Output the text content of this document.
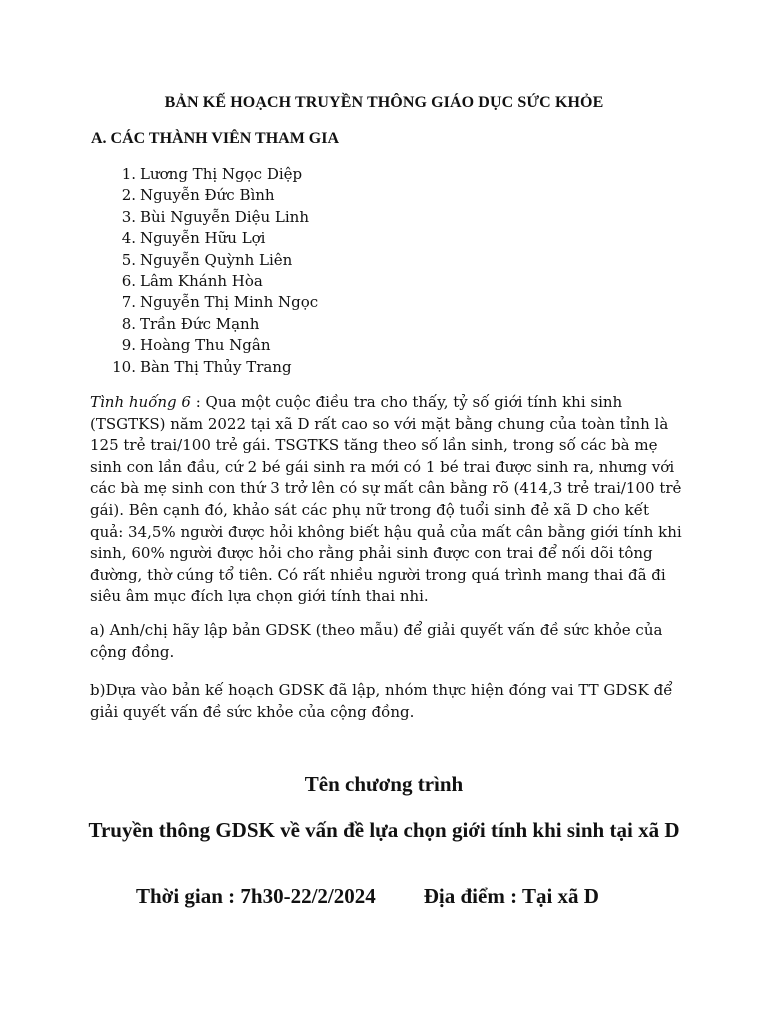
BẢN KẾ HOẠCH TRUYỀN THÔNG GIÁO DỤC SỨC KHỎE
A. CÁC THÀNH VIÊN THAM GIA
1. Lương Thị Ngọc Diệp
2. Nguyễn Đức Bình
3. Bùi Nguyễn Diệu Linh
4. Nguyễn Hữu Lợi
5. Nguyễn Quỳnh Liên
6. Lâm Khánh Hòa
7. Nguyễn Thị Minh Ngọc
8. Trần Đức Mạnh
9. Hoàng Thu Ngân
10. Bàn Thị Thủy Trang

Tình huống 6 : Qua một cuộc điều tra cho thấy, tỷ số giới tính khi sinh (TSGTKS) năm 2022 tại xã D rất cao so với mặt bằng chung của toàn tỉnh là 125 trẻ trai/100 trẻ gái. TSGTKS tăng theo số lần sinh, trong số các bà mẹ sinh con lần đầu, cứ 2 bé gái sinh ra mới có 1 bé trai được sinh ra, nhưng với các bà mẹ sinh con thứ 3 trở lên có sự mất cân bằng rõ (414,3 trẻ trai/100 trẻ gái). Bên cạnh đó, khảo sát các phụ nữ trong độ tuổi sinh đẻ xã D cho kết quả: 34,5% người được hỏi không biết hậu quả của mất cân bằng giới tính khi sinh, 60% người được hỏi cho rằng phải sinh được con trai để nối dõi tông đường, thờ cúng tổ tiên. Có rất nhiều người trong quá trình mang thai đã đi siêu âm mục đích lựa chọn giới tính thai nhi.

a) Anh/chị hãy lập bản GDSK (theo mẫu) để giải quyết vấn đề sức khỏe của cộng đồng.

b)Dựa vào bản kế hoạch GDSK đã lập, nhóm thực hiện đóng vai TT GDSK để giải quyết vấn đề sức khỏe của cộng đồng.

Tên chương trình
Truyền thông GDSK về vấn đề lựa chọn giới tính khi sinh tại xã D
Thời gian : 7h30-22/2/2024 Địa điểm : Tại xã D
